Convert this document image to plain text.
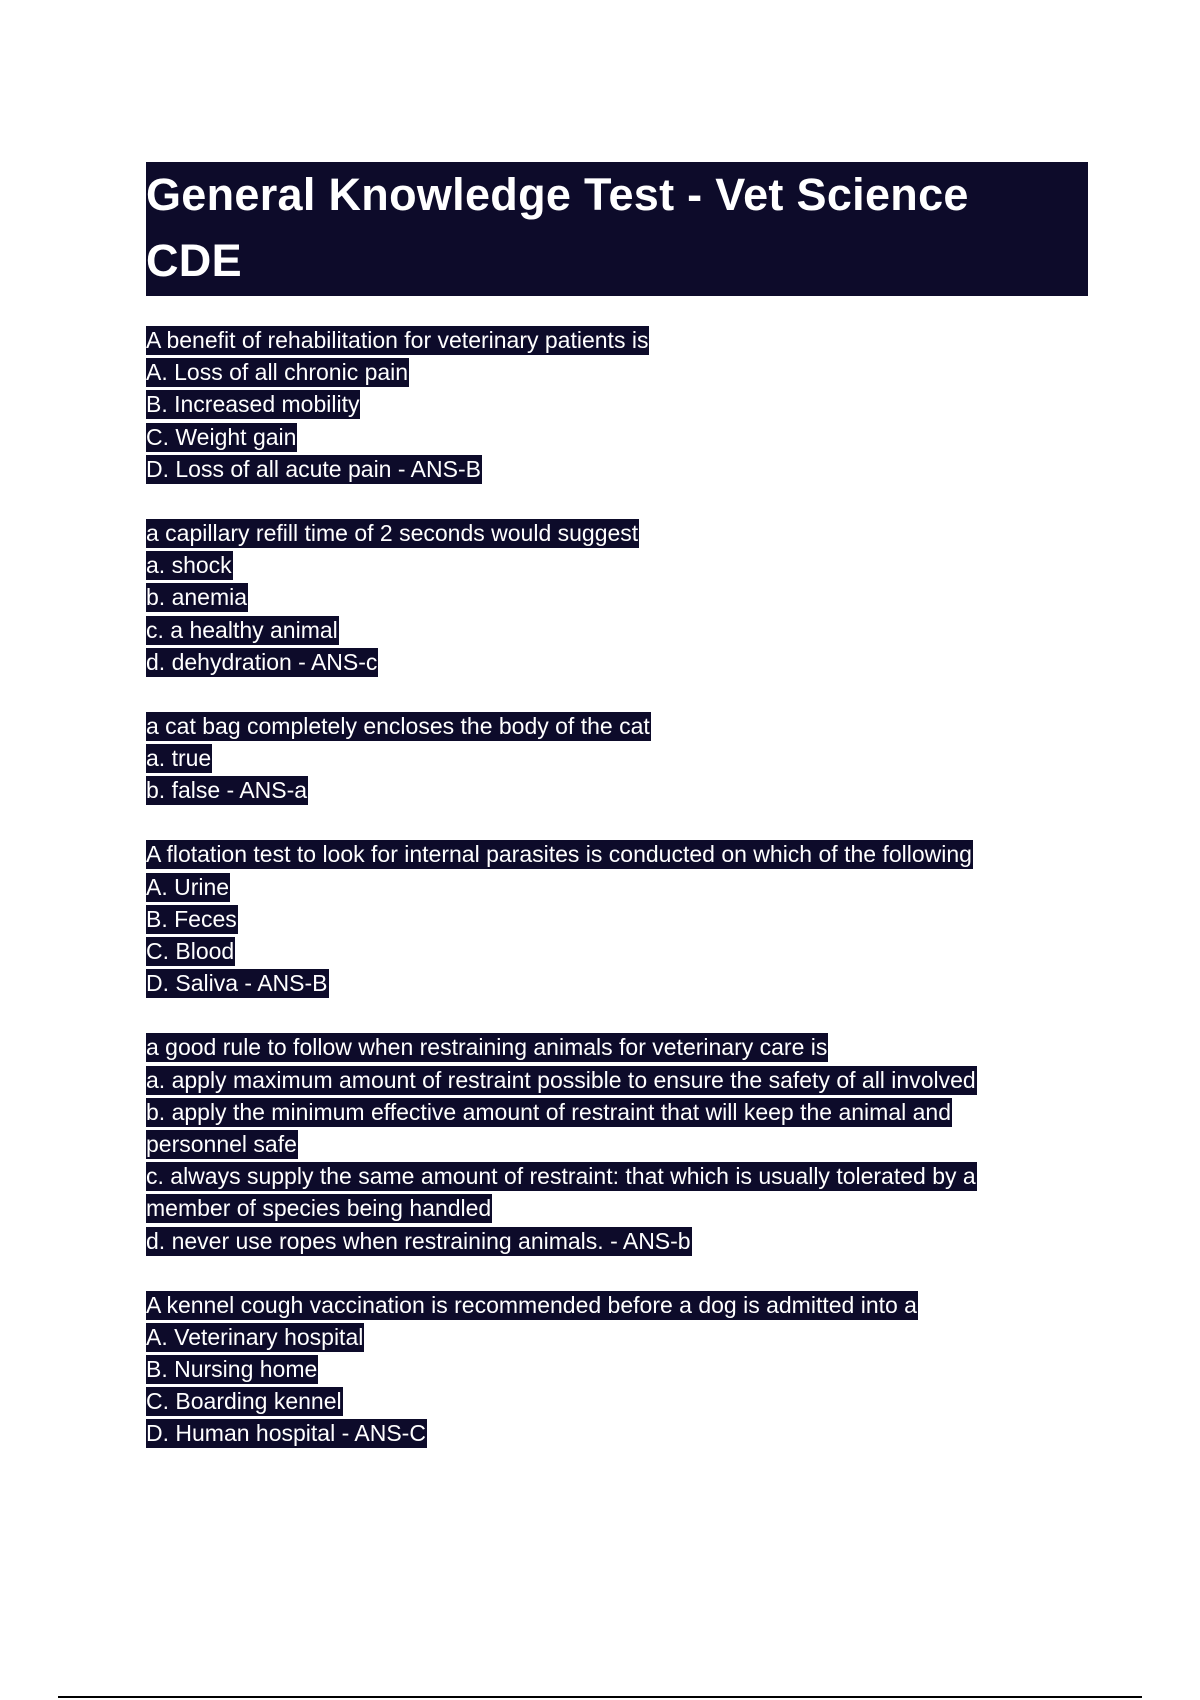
General Knowledge Test - Vet Science
CDE
A benefit of rehabilitation for veterinary patients is
A. Loss of all chronic pain
B. Increased mobility
C. Weight gain
D. Loss of all acute pain - ANS-B
a capillary refill time of 2 seconds would suggest
a. shock
b. anemia
c. a healthy animal
d. dehydration - ANS-c
a cat bag completely encloses the body of the cat
a. true
b. false - ANS-a
A flotation test to look for internal parasites is conducted on which of the following
A. Urine
B. Feces
C. Blood
D. Saliva - ANS-B
a good rule to follow when restraining animals for veterinary care is
a. apply maximum amount of restraint possible to ensure the safety of all involved
b. apply the minimum effective amount of restraint that will keep the animal and
personnel safe
c. always supply the same amount of restraint: that which is usually tolerated by a
member of species being handled
d. never use ropes when restraining animals. - ANS-b
A kennel cough vaccination is recommended before a dog is admitted into a
A. Veterinary hospital
B. Nursing home
C. Boarding kennel
D. Human hospital - ANS-C
